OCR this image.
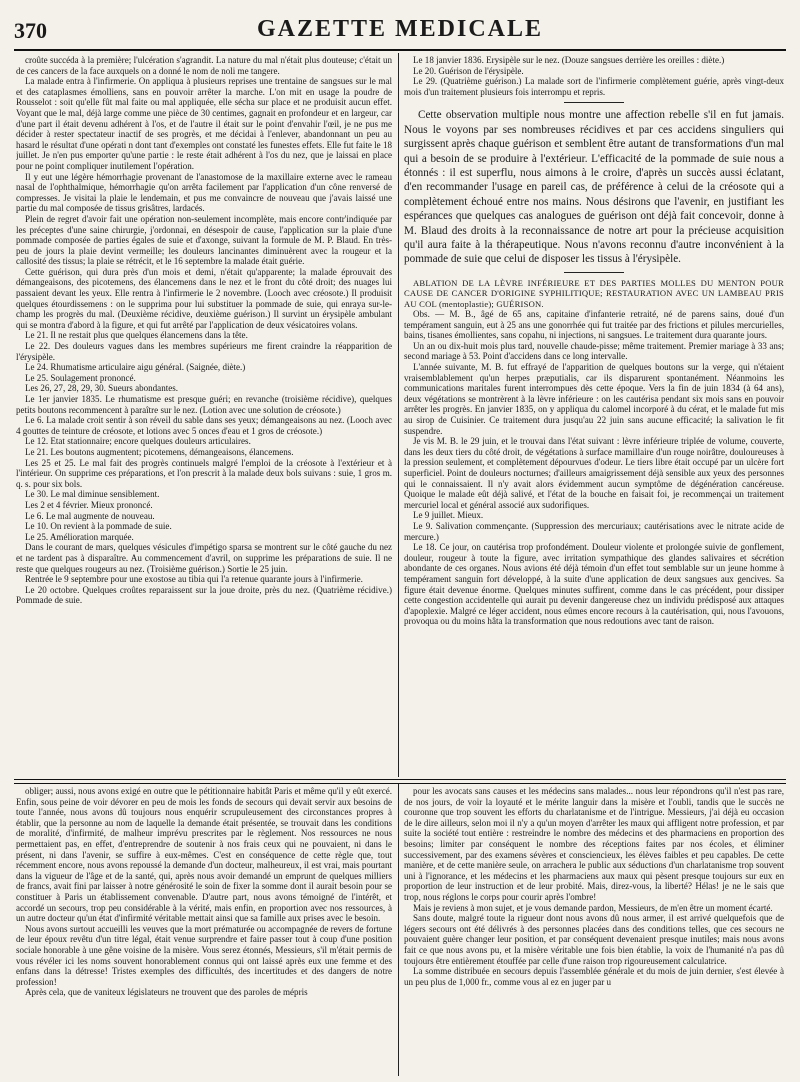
370	GAZETTE MEDICALE

croûte succéda à la première; l'ulcération s'agrandit. La nature du mal n'était plus douteuse; c'était un de ces cancers de la face auxquels on a donné le nom de noli me tangere.

La malade entra à l'infirmerie. On appliqua à plusieurs reprises une trentaine de sangsues sur le mal et des cataplasmes émolliens, sans en pouvoir arrêter la marche. L'on mit en usage la poudre de Rousselot : soit qu'elle fût mal faite ou mal appliquée, elle sécha sur place et ne produisit aucun effet. Voyant que le mal, déjà large comme une pièce de 30 centimes, gagnait en profondeur et en largeur, car d'une part il était devenu adhérent à l'os, et de l'autre il était sur le point d'envahir l'œil, je ne pus me décider à rester spectateur inactif de ses progrès, et me décidai à l'enlever, abandonnant un peu au hasard le résultat d'une opérati n dont tant d'exemples ont constaté les funestes effets. Elle fut faite le 18 juillet. Je n'en pus emporter qu'une partie : le reste était adhérent à l'os du nez, que je laissai en place pour ne point compliquer inutilement l'opération.

Il y eut une légère hémorrhagie provenant de l'anastomose de la maxillaire externe avec le rameau nasal de l'ophthalmique, hémorrhagie qu'on arrêta facilement par l'application d'un cône renversé de compresses. Je visitai la plaie le lendemain, et pus me convaincre de nouveau que j'avais laissé une partie du mal composée de tissus grisâtres, lardacés.

Plein de regret d'avoir fait une opération non-seulement incomplète, mais encore contr'indiquée par les préceptes d'une saine chirurgie, j'ordonnai, en désespoir de cause, l'application sur la plaie d'une pommade composée de parties égales de suie et d'axonge, suivant la formule de M. P. Blaud. En très-peu de jours la plaie devint vermeille; les douleurs lancinantes diminuèrent avec la rougeur et la callosité des tissus; la plaie se rétrécit, et le 16 septembre la malade était guérie.

Cette guérison, qui dura près d'un mois et demi, n'était qu'apparente; la malade éprouvait des démangeaisons, des picotemens, des élancemens dans le nez et le front du côté droit; des nuages lui passaient devant les yeux. Elle rentra à l'infirmerie le 2 novembre. (Looch avec créosote.) Il produisit quelques étourdissemens : on le supprima pour lui substituer la pommade de suie, qui enraya sur-le-champ les progrès du mal. (Deuxième récidive, deuxième guérison.) Il survint un érysipèle ambulant qui se montra d'abord à la figure, et qui fut arrêté par l'application de deux vésicatoires volans.

Le 21. Il ne restait plus que quelques élancemens dans la tête.

Le 22. Des douleurs vagues dans les membres supérieurs me firent craindre la réapparition de l'érysipèle.

Le 24. Rhumatisme articulaire aigu général. (Saignée, diète.)

Le 25. Soulagement prononcé.

Les 26, 27, 28, 29, 30. Sueurs abondantes.

Le 1er janvier 1835. Le rhumatisme est presque guéri; en revanche (troisième récidive), quelques petits boutons recommencent à paraître sur le nez. (Lotion avec une solution de créosote.)

Le 6. La malade croit sentir à son réveil du sable dans ses yeux; démangeaisons au nez. (Looch avec 4 gouttes de teinture de créosote, et lotions avec 5 onces d'eau et 1 gros de créosote.)

Le 12. Etat stationnaire; encore quelques douleurs articulaires.

Le 21. Les boutons augmentent; picotemens, démangeaisons, élancemens.

Les 25 et 25. Le mal fait des progrès continuels malgré l'emploi de la créosote à l'extérieur et à l'intérieur. On supprime ces préparations, et l'on prescrit à la malade deux bols suivans : suie, 1 gros m. q. s. pour six bols.

Le 30. Le mal diminue sensiblement.

Les 2 et 4 février. Mieux prononcé.

Le 6. Le mal augmente de nouveau.

Le 10. On revient à la pommade de suie.

Le 25. Amélioration marquée.

Dans le courant de mars, quelques vésicules d'impétigo sparsa se montrent sur le côté gauche du nez et ne tardent pas à disparaître. Au commencement d'avril, on supprime les préparations de suie. Il ne reste que quelques rougeurs au nez. (Troisième guérison.) Sortie le 25 juin.

Rentrée le 9 septembre pour une exostose au tibia qui l'a retenue quarante jours à l'infirmerie.

Le 20 octobre. Quelques croûtes reparaissent sur la joue droite, près du nez. (Quatrième récidive.) Pommade de suie.

Le 18 janvier 1836. Erysipèle sur le nez. (Douze sangsues derrière les oreilles : diète.)

Le 20. Guérison de l'érysipèle.

Le 29. (Quatrième guérison.) La malade sort de l'infirmerie complètement guérie, après vingt-deux mois d'un traitement plusieurs fois interrompu et repris.

Cette observation multiple nous montre une affection rebelle s'il en fut jamais. Nous le voyons par ses nombreuses récidives et par ces accidens singuliers qui surgissent après chaque guérison et semblent être autant de transformations d'un mal qui a besoin de se produire à l'extérieur. L'efficacité de la pommade de suie nous a étonnés : il est superflu, nous aimons à le croire, d'après un succès aussi éclatant, d'en recommander l'usage en pareil cas, de préférence à celui de la créosote qui a complètement échoué entre nos mains. Nous désirons que l'avenir, en justifiant les espérances que quelques cas analogues de guérison ont déjà fait concevoir, donne à M. Blaud des droits à la reconnaissance de notre art pour la précieuse acquisition qu'il aura faite à la thérapeutique. Nous n'avons reconnu d'autre inconvénient à la pommade de suie que celui de disposer les tissus à l'érysipèle.

ABLATION DE LA LÈVRE INFÉRIEURE ET DES PARTIES MOLLES DU MENTON POUR CAUSE DE CANCER D'ORIGINE SYPHILITIQUE; RESTAURATION AVEC UN LAMBEAU PRIS AU COL (mentoplastie); GUÉRISON.

Obs. — M. B., âgé de 65 ans, capitaine d'infanterie retraité, né de parens sains, doué d'un tempérament sanguin, eut à 25 ans une gonorrhée qui fut traitée par des frictions et pilules mercurielles, bains, tisanes émollientes, sans copahu, ni injections, ni sangsues. Le traitement dura quarante jours.

Un an ou dix-huit mois plus tard, nouvelle chaude-pisse; même traitement. Premier mariage à 33 ans; second mariage à 53. Point d'accidens dans ce long intervalle.

L'année suivante, M. B. fut effrayé de l'apparition de quelques boutons sur la verge, qui n'étaient vraisemblablement qu'un herpes præputialis, car ils disparurent spontanément. Néanmoins les communications maritales furent interrompues dès cette époque. Vers la fin de juin 1834 (à 64 ans), deux végétations se montrèrent à la lèvre inférieure : on les cautérisa pendant six mois sans en pouvoir arrêter les progrès. En janvier 1835, on y appliqua du calomel incorporé à du cérat, et le malade fut mis au sirop de Cuisinier. Ce traitement dura jusqu'au 22 juin sans aucune efficacité; la salivation le fit suspendre.

Je vis M. B. le 29 juin, et le trouvai dans l'état suivant : lèvre inférieure triplée de volume, couverte, dans les deux tiers du côté droit, de végétations à surface mamillaire d'un rouge noirâtre, douloureuses à la pression seulement, et complètement dépourvues d'odeur. Le tiers libre était occupé par un ulcère fort superficiel. Point de douleurs nocturnes; d'ailleurs amaigrissement déjà sensible aux yeux des personnes qui le connaissaient. Il n'y avait alors évidemment aucun symptôme de dégénération cancéreuse. Quoique le malade eût déjà salivé, et l'état de la bouche en faisait foi, je recommençai un traitement mercuriel local et général associé aux sudorifiques.

Le 9 juillet. Mieux.

Le 9. Salivation commençante. (Suppression des mercuriaux; cautérisations avec le nitrate acide de mercure.)

Le 18. Ce jour, on cautérisa trop profondément. Douleur violente et prolongée suivie de gonflement, douleur, rougeur à toute la figure, avec irritation sympathique des glandes salivaires et sécrétion abondante de ces organes. Nous avions été déjà témoin d'un effet tout semblable sur un jeune homme à tempérament sanguin fort développé, à la suite d'une application de deux sangsues aux gencives. Sa figure était devenue énorme. Quelques minutes suffirent, comme dans le cas précédent, pour dissiper cette congestion accidentelle qui aurait pu devenir dangereuse chez un individu prédisposé aux attaques d'apoplexie. Malgré ce léger accident, nous eûmes encore recours à la cautérisation, qui, nous l'avouons, provoqua ou du moins hâta la transformation que nous redoutions avec tant de raison.

obliger; aussi, nous avons exigé en outre que le pétitionnaire habitât Paris et même qu'il y eût exercé. Enfin, sous peine de voir dévorer en peu de mois les fonds de secours qui devait servir aux besoins de toute l'année, nous avons dû toujours nous enquérir scrupuleusement des circonstances propres à établir, que la personne au nom de laquelle la demande était présentée, se trouvait dans les conditions de moralité, d'infirmité, de malheur imprévu prescrites par le règlement. Nos ressources ne nous permettaient pas, en effet, d'entreprendre de soutenir à nos frais ceux qui ne pouvaient, ni dans le présent, ni dans l'avenir, se suffire à eux-mêmes. C'est en conséquence de cette règle que, tout récemment encore, nous avons repoussé la demande d'un docteur, malheureux, il est vrai, mais pourtant dans la vigueur de l'âge et de la santé, qui, après nous avoir demandé un emprunt de quelques milliers de francs, avait fini par laisser à notre générosité le soin de fixer la somme dont il aurait besoin pour se constituer à Paris un établissement convenable. D'autre part, nous avons témoigné de l'intérêt, et accordé un secours, trop peu considérable à la vérité, mais enfin, en proportion avec nos ressources, à un autre docteur qu'un état d'infirmité véritable mettait ainsi que sa famille aux prises avec le besoin.

Nous avons surtout accueilli les veuves que la mort prématurée ou accompagnée de revers de fortune de leur époux revêtu d'un titre légal, était venue surprendre et faire passer tout à coup d'une position sociale honorable à une gêne voisine de la misère. Vous serez étonnés, Messieurs, s'il m'était permis de vous révéler ici les noms souvent honorablement connus qui ont laissé après eux une femme et des enfans dans la détresse! Tristes exemples des difficultés, des incertitudes et des dangers de notre profession!

Après cela, que de vaniteux législateurs ne trouvent que des paroles de mépris

pour les avocats sans causes et les médecins sans malades... nous leur répondrons qu'il n'est pas rare, de nos jours, de voir la loyauté et le mérite languir dans la misère et l'oubli, tandis que le succès ne couronne que trop souvent les efforts du charlatanisme et de l'intrigue. Messieurs, j'ai déjà eu occasion de le dire ailleurs, selon moi il n'y a qu'un moyen d'arrêter les maux qui affligent notre profession, et par suite la société tout entière : restreindre le nombre des médecins et des pharmaciens en proportion des besoins; limiter par conséquent le nombre des réceptions faites par nos écoles, et éliminer successivement, par des examens sévères et consciencieux, les élèves faibles et peu capables. De cette manière, et de cette manière seule, on arrachera le public aux séductions d'un charlatanisme trop souvent uni à l'ignorance, et les médecins et les pharmaciens aux maux qui pèsent presque toujours sur eux en proportion de leur instruction et de leur probité. Mais, direz-vous, la liberté? Hélas! je ne le sais que trop, nous réglons le corps pour courir après l'ombre!

Mais je reviens à mon sujet, et je vous demande pardon, Messieurs, de m'en être un moment écarté.

Sans doute, malgré toute la rigueur dont nous avons dû nous armer, il est arrivé quelquefois que de légers secours ont été délivrés à des personnes placées dans des conditions telles, que ces secours ne pouvaient guère changer leur position, et par conséquent devenaient presque inutiles; mais nous avons fait ce que nous avons pu, et la misère véritable une fois bien établie, la voix de l'humanité n'a pas dû toujours être entièrement étouffée par celle d'une raison trop rigoureusement calculatrice.

La somme distribuée en secours depuis l'assemblée générale et du mois de juin dernier, s'est élevée à un peu plus de 1,000 fr., comme vous al ez en juger par u
